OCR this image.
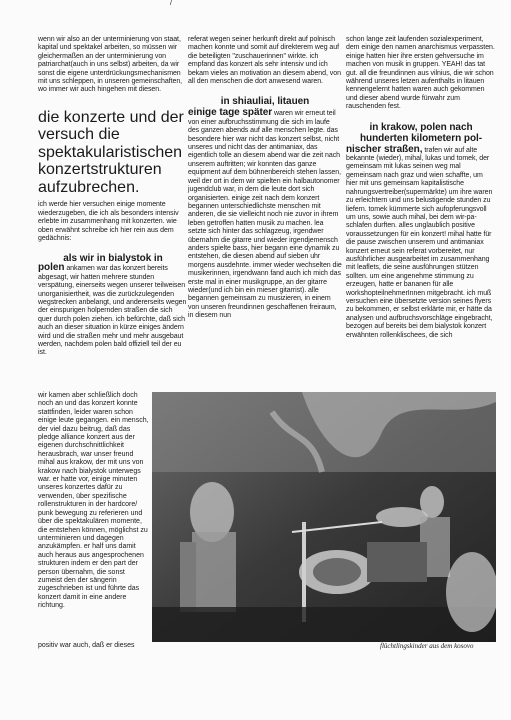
/

wenn wir also an der unterminierung von staat, kapital und spektakel arbeiten, so müssen wir gleichermaßen an der unterminierung von patriarchat(auch in uns selbst) arbeiten, da wir sonst die eigene unterdrückungsmechanismen mit uns schleppen, in unseren gemeinschaften, wo immer wir auch hingehen mit diesen.

die konzerte und der versuch die spektakularistischen konzertstrukturen aufzubrechen.

ich werde hier versuchen einige momente wiederzugeben, die ich als besonders intensiv erlebte im zusammenhang mit konzerten. wie oben erwähnt schreibe ich hier rein aus dem gedächnis:

als wir in bialystok in

polen ankamen war das konzert bereits abgesagt, wir hatten mehrere stunden verspätung, einerseits wegen unserer teilweisen unorganisiertheit, was die zurückzulegenden wegstrecken anbelangt, und andererseits wegen der einspurigen holpernden straßen die sich quer durch polen ziehen. ich befürchte, daß sich auch an dieser situation in kürze einiges ändern wird und die straßen mehr und mehr ausgebaut werden, nachdem polen bald offiziell teil der eu ist.

referat wegen seiner herkunft direkt auf polnisch machen konnte und somit auf direkterem weg auf die beteiligten "zuschauerinnen" wirkte. ich empfand das konzert als sehr intensiv und ich bekam vieles an motivation an diesem abend, von all den menschen die dort anwesend waren.

in shiauliai, litauen

einige tage später waren wir erneut teil von einer aufbruchsstimmung die sich im laufe des ganzen abends auf alle menschen legte. das besondere hier war nicht das konzert selbst, nicht unseres und nicht das der antimaniax, das eigentlich tolle an diesem abend war die zeit nach unserem auftritten; wir konnten das ganze equipment auf dem bühnenbereich stehen lassen, weil der ort in dem wir spielten ein halbautonomer jugendclub war, in dem die leute dort sich organisierten. einige zeit nach dem konzert begannen unterschiedlichste menschen mit anderen, die sie vielleicht noch nie zuvor in ihrem leben getroffen hatten musik zu machen. lea setzte sich hinter das schlagzeug, irgendwer übernahm die gitarre und wieder irgendjemensch anders spielte bass, hier begann eine dynamik zu entstehen, die diesen abend auf sieben uhr morgens ausdehnte. immer wieder wechselten die musikerinnen, irgendwann fand auch ich mich das erste mal in einer musikgruppe, an der gitarre wieder(und ich bin ein mieser gitarrist). alle begannen gemeinsam zu musizieren, in einem von unseren freundinnen geschaffenen freiraum, in diesem nun

schon lange zeit laufenden sozialexperiment, dem einige den namen anarchismus verpassten. einige hatten hier ihre ersten gehversuche im machen von musik in gruppen. YEAH! das tat gut. all die freundinnen aus vilnius, die wir schon während unseres letzen aufenthalts in litauen kennengelernt hatten waren auch gekommen und dieser abend wurde fürwahr zum rauschenden fest.

in krakow, polen nach hunderten kilometern pol-

nischer straßen, trafen wir auf alte bekannte (wieder), mihal, lukas und tomek, der gemeinsam mit lukas seinen weg mal gemeinsam nach graz und wien schaffte, um hier mit uns gemeinsam kapitalistische nahrungsvertreiber(supermärkte) um ihre waren zu erleichtern und uns belustigende stunden zu liefern. tomek kümmerte sich aufopferungsvoll um uns, sowie auch mihal, bei dem wir-pa-schlafen durften. alles unglaublich positive voraussetzungen für ein konzert! mihal hatte für die pause zwischen unserem und antimaniax konzert erneut sein referat vorbereitet, nur ausführlicher ausgearbeitet im zusammenhang mit leaflets, die seine ausführungen stützen sollten. um eine angenehme stimmung zu erzeugen, hatte er bananen für alle workshopteilnehmerInnen mitgebracht. ich muß versuchen eine übersetzte version seines flyers zu bekommen, er selbst erklärte mir, er hätte da analysen und aufbruchsvorschläge eingebracht, bezogen auf bereits bei dem bialystok konzert erwähnten rollenklischees, die sich

wir kamen aber schließlich doch noch an und das konzert konnte stattfinden, leider waren schon einige leute gegangen. ein mensch, der viel dazu beitrug, daß das pledge alliance konzert aus der eigenen durchschnittlichkeit herausbrach, war unser freund mihal aus krakow, der mit uns von krakow nach bialystok unterwegs war. er hatte vor, einige minuten unseres konzertes dafür zu verwenden, über spezifische rollenstrukturen in der hardcore/ punk bewegung zu referieren und über die spektakulären momente, die entstehen können, möglichst zu unterminieren und dagegen anzukämpfen. er half uns damit auch heraus aus angesprochenen strukturen indem er den part der person übernahm, die sonst zumeist den der sängerin zugeschrieben ist und führte das konzert damit in eine andere richtung.
flüchtlingskinder aus dem kosovo
positiv war auch, daß er dieses
